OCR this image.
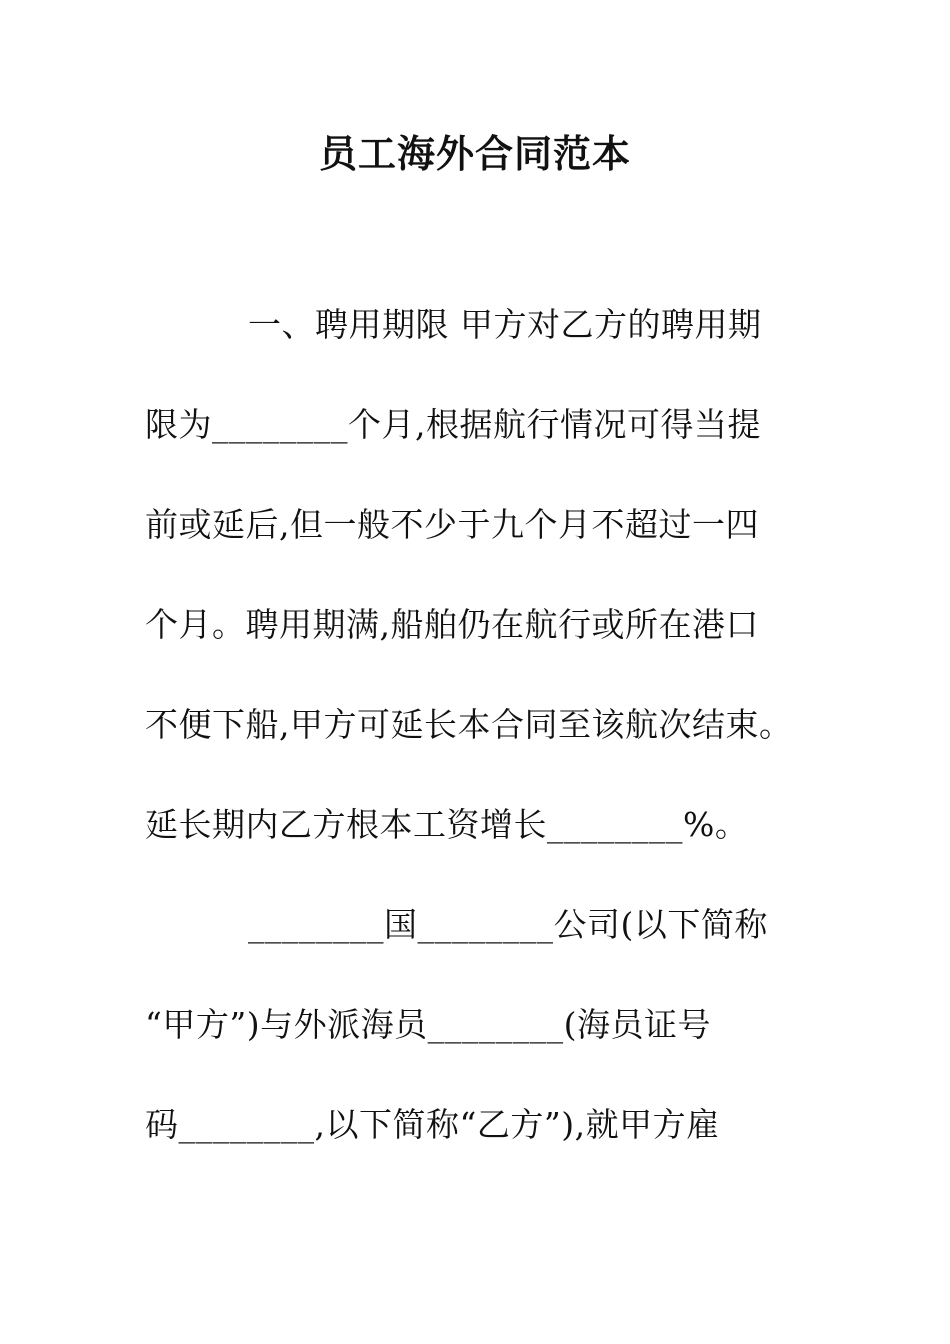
员工海外合同范本
一、聘用期限 甲方对乙方的聘用期
限为________个月,根据航行情况可得当提
前或延后,但一般不少于九个月不超过一四
个月。聘用期满,船舶仍在航行或所在港口
不便下船,甲方可延长本合同至该航次结束。
延长期内乙方根本工资增长________%。
________国________公司(以下简称
“甲方”)与外派海员________(海员证号
码________,以下简称“乙方”),就甲方雇
